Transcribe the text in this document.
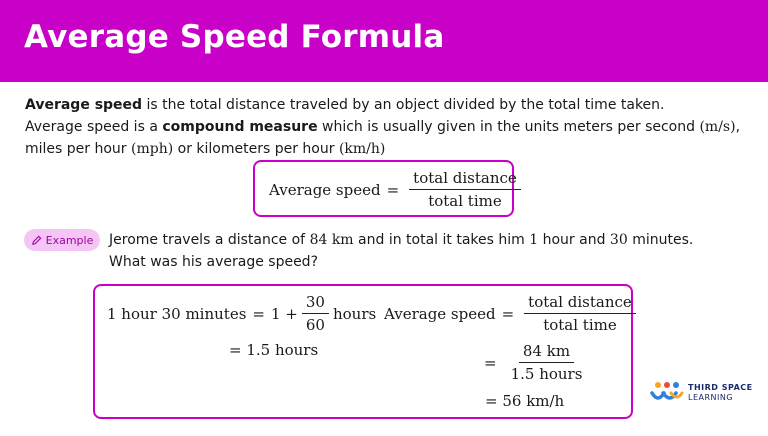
Average Speed Formula

Average speed is the total distance traveled by an object divided by the total time taken.

Average speed is a compound measure which is usually given in the units meters per second (m/s),

miles per hour (mph) or kilometers per hour (km/h)

Average speed = $\frac{\text{total distance}}{\text{total time}}$
Example Jerome travels a distance of 84 km and in total it takes him 1 hour and 30 minutes.

What was his average speed?

1 hour 30 minutes = $1 + \frac{30}{60}$ hours
= 1.5 hours
Average speed = $\frac{\text{total distance}}{\text{total time}}$
= $\frac{84 km}{\text{1.5 hours}}$
= 56 km/h
THIRD SPACE
LEARNING
